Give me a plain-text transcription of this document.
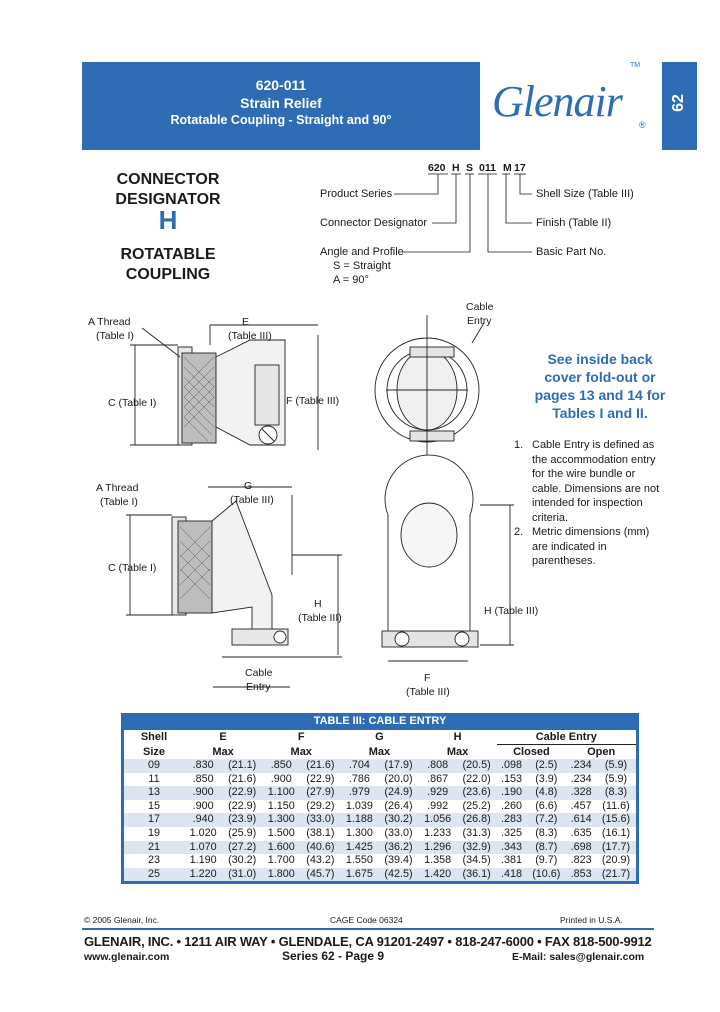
620-011
Strain Relief
Rotatable Coupling - Straight and 90°	Glenair
TM
®
62
CONNECTOR
DESIGNATOR
H
ROTATABLE
COUPLING
620 H S 011 M 17
Product Series
Connector Designator
Angle and Profile
S = Straight
A = 90°
Shell Size (Table III)
Finish (Table II)
Basic Part No.
A Thread
(Table I)
E
(Table III)
C (Table I)	F (Table III)
A Thread
(Table I)
G
(Table III)
C (Table I)
H
(Table III)
Cable
Entry
Cable
Entry
H (Table III)
F
(Table III)
See inside back
cover fold-out or
pages 13 and 14 for
Tables I and II.
1. Cable Entry is defined as the accommodation entry for the wire bundle or cable. Dimensions are not intended for inspection criteria.
2. Metric dimensions (mm) are indicated in parentheses.
TABLE III: CABLE ENTRY
Shell	E		F		G		H		Cable Entry			
Size	Max		Max		Max		Max		Closed		Open	
09	.830	(21.1)	.850	(21.6)	.704	(17.9)	.808	(20.5)	.098	(2.5)	.234	(5.9)
11	.850	(21.6)	.900	(22.9)	.786	(20.0)	.867	(22.0)	.153	(3.9)	.234	(5.9)
13	.900	(22.9)	1.100	(27.9)	.979	(24.9)	.929	(23.6)	.190	(4.8)	.328	(8.3)
15	.900	(22.9)	1.150	(29.2)	1.039	(26.4)	.992	(25.2)	.260	(6.6)	.457	(11.6)
17	.940	(23.9)	1.300	(33.0)	1.188	(30.2)	1.056	(26.8)	.283	(7.2)	.614	(15.6)
19	1.020	(25.9)	1.500	(38.1)	1.300	(33.0)	1.233	(31.3)	.325	(8.3)	.635	(16.1)
21	1.070	(27.2)	1.600	(40.6)	1.425	(36.2)	1.296	(32.9)	.343	(8.7)	.698	(17.7)
23	1.190	(30.2)	1.700	(43.2)	1.550	(39.4)	1.358	(34.5)	.381	(9.7)	.823	(20.9)
25	1.220	(31.0)	1.800	(45.7)	1.675	(42.5)	1.420	(36.1)	.418	(10.6)	.853	(21.7)
© 2005 Glenair, Inc.	CAGE Code 06324	Printed in U.S.A.
GLENAIR, INC. • 1211 AIR WAY • GLENDALE, CA 91201-2497 • 818-247-6000 • FAX 818-500-9912
www.glenair.com	Series 62 - Page 9	E-Mail: sales@glenair.com
